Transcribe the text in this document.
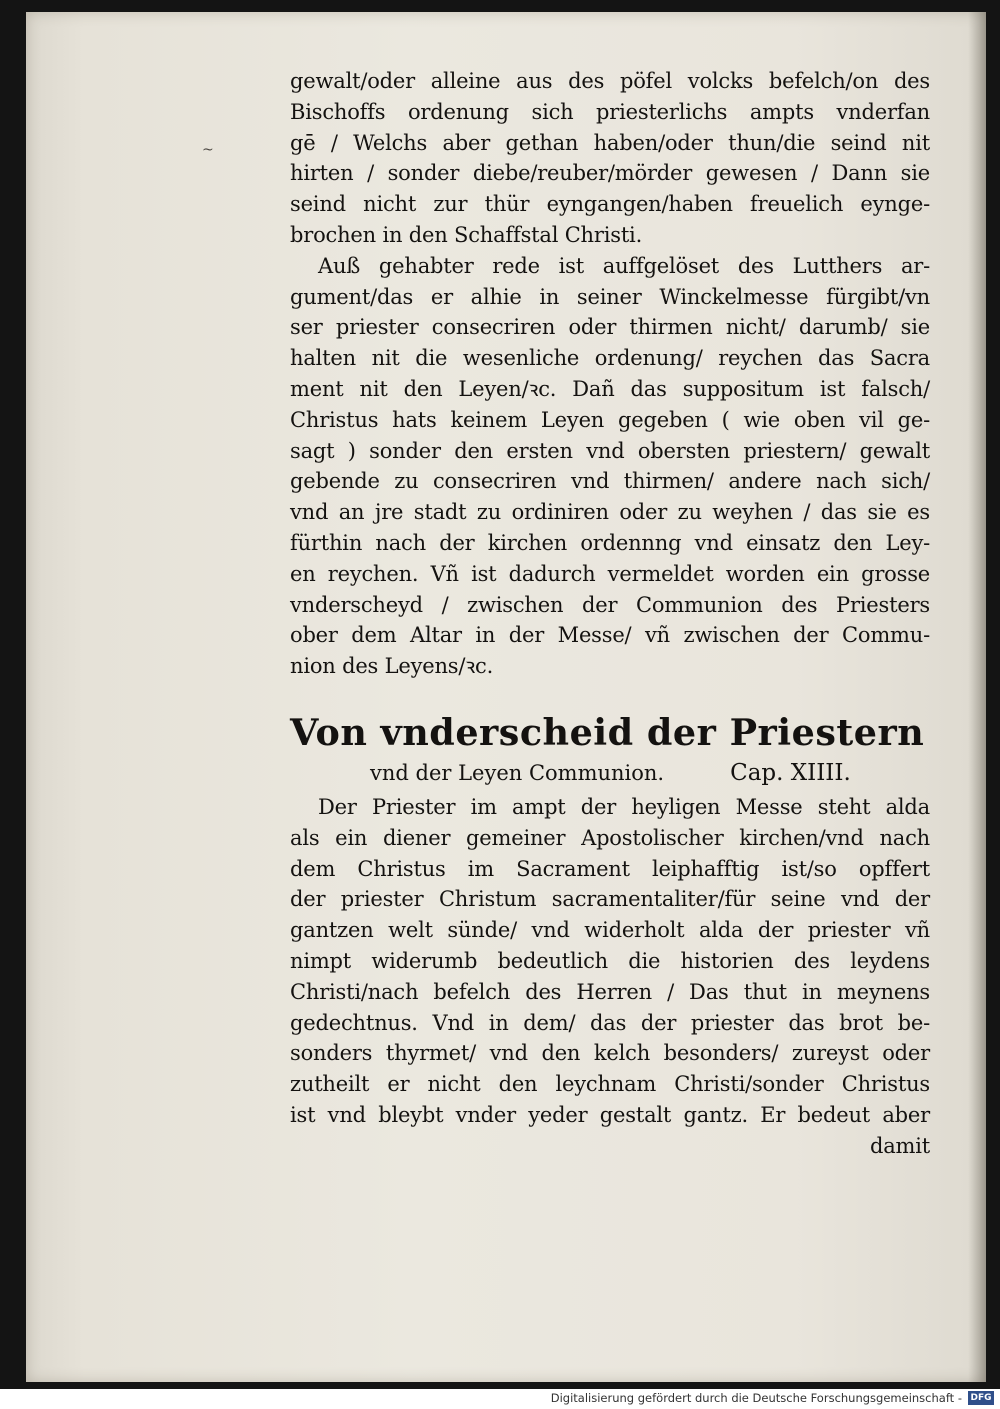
~
gewalt/oder alleine aus des pöfel volcks befelch/on des
Bischoffs ordenung sich priesterlichs ampts vnderfan
gē / Welchs aber gethan haben/oder thun/die seind nit
hirten / sonder diebe/reuber/mörder gewesen / Dann sie
seind nicht zur thür eyngangen/haben freuelich eynge-
brochen in den Schaffstal Christi.
Auß gehabter rede ist auffgelöset des Lutthers ar-
gument/das er alhie in seiner Winckelmesse fürgibt/vn
ser priester consecriren oder thirmen nicht/ darumb/ sie
halten nit die wesenliche ordenung/ reychen das Sacra
ment nit den Leyen/ꝛc. Dañ das suppositum ist falsch/
Christus hats keinem Leyen gegeben ( wie oben vil ge-
sagt ) sonder den ersten vnd obersten priestern/ gewalt
gebende zu consecriren vnd thirmen/ andere nach sich/
vnd an jre stadt zu ordiniren oder zu weyhen / das sie es
fürthin nach der kirchen ordennng vnd einsatz den Ley-
en reychen. Vñ ist dadurch vermeldet worden ein grosse
vnderscheyd / zwischen der Communion des Priesters
ober dem Altar in der Messe/ vñ zwischen der Commu-
nion des Leyens/ꝛc.
Von vnderscheid der Priestern
vnd der Leyen Communion.	Cap. XIIII.
Der Priester im ampt der heyligen Messe steht alda
als ein diener gemeiner Apostolischer kirchen/vnd nach
dem Christus im Sacrament leiphafftig ist/so opffert
der priester Christum sacramentaliter/für seine vnd der
gantzen welt sünde/ vnd widerholt alda der priester vñ
nimpt widerumb bedeutlich die historien des leydens
Christi/nach befelch des Herren / Das thut in meynens
gedechtnus. Vnd in dem/ das der priester das brot be-
sonders thyrmet/ vnd den kelch besonders/ zureyst oder
zutheilt er nicht den leychnam Christi/sonder Christus
ist vnd bleybt vnder yeder gestalt gantz. Er bedeut aber
damit
Digitalisierung gefördert durch die Deutsche Forschungsgemeinschaft - DFG
